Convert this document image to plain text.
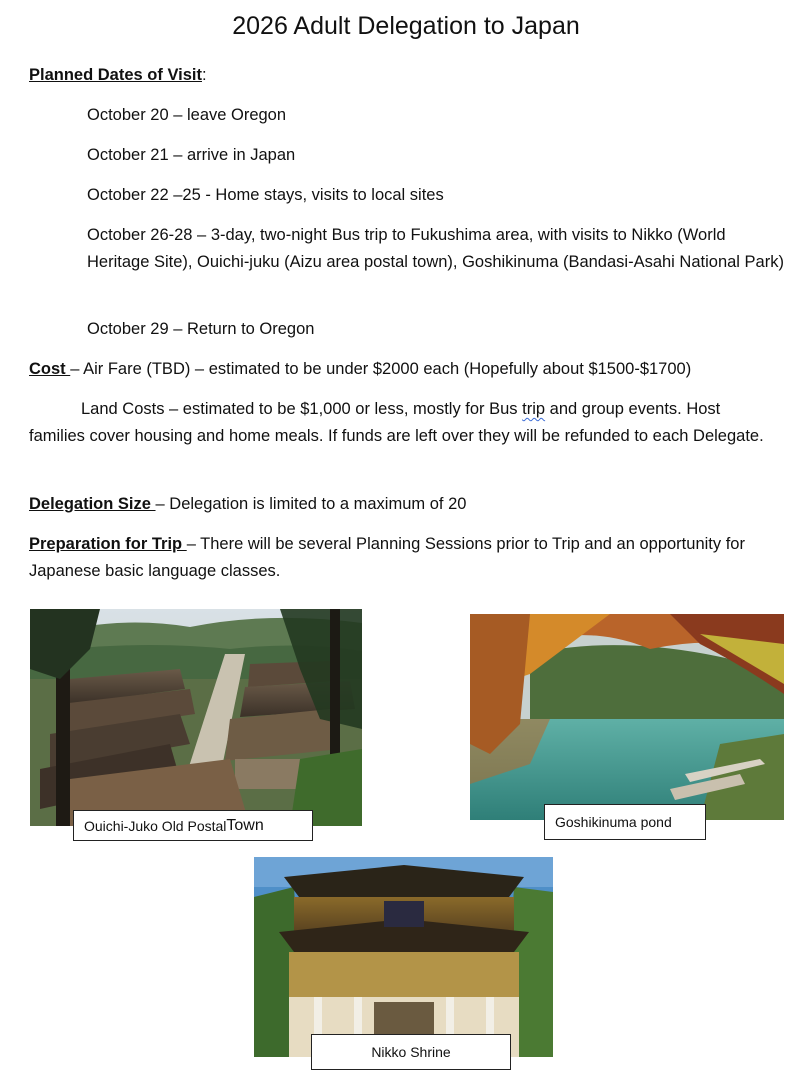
2026 Adult Delegation to Japan
Planned Dates of Visit:
October 20 – leave Oregon
October 21 – arrive in Japan
October 22 –25 - Home stays, visits to local sites
October 26-28 – 3-day, two-night Bus trip to Fukushima area, with visits to Nikko (World Heritage Site), Ouichi-juku (Aizu area postal town), Goshikinuma (Bandasi-Asahi National Park)
October 29 – Return to Oregon
Cost – Air Fare (TBD) – estimated to be under $2000 each (Hopefully about $1500-$1700)
Land Costs – estimated to be $1,000 or less, mostly for Bus trip and group events. Host families cover housing and home meals. If funds are left over they will be refunded to each Delegate.
Delegation Size – Delegation is limited to a maximum of 20
Preparation for Trip – There will be several Planning Sessions prior to Trip and an opportunity for Japanese basic language classes.
Ouichi-Juko Old Postal Town	Goshikinuma pond
Nikko Shrine
